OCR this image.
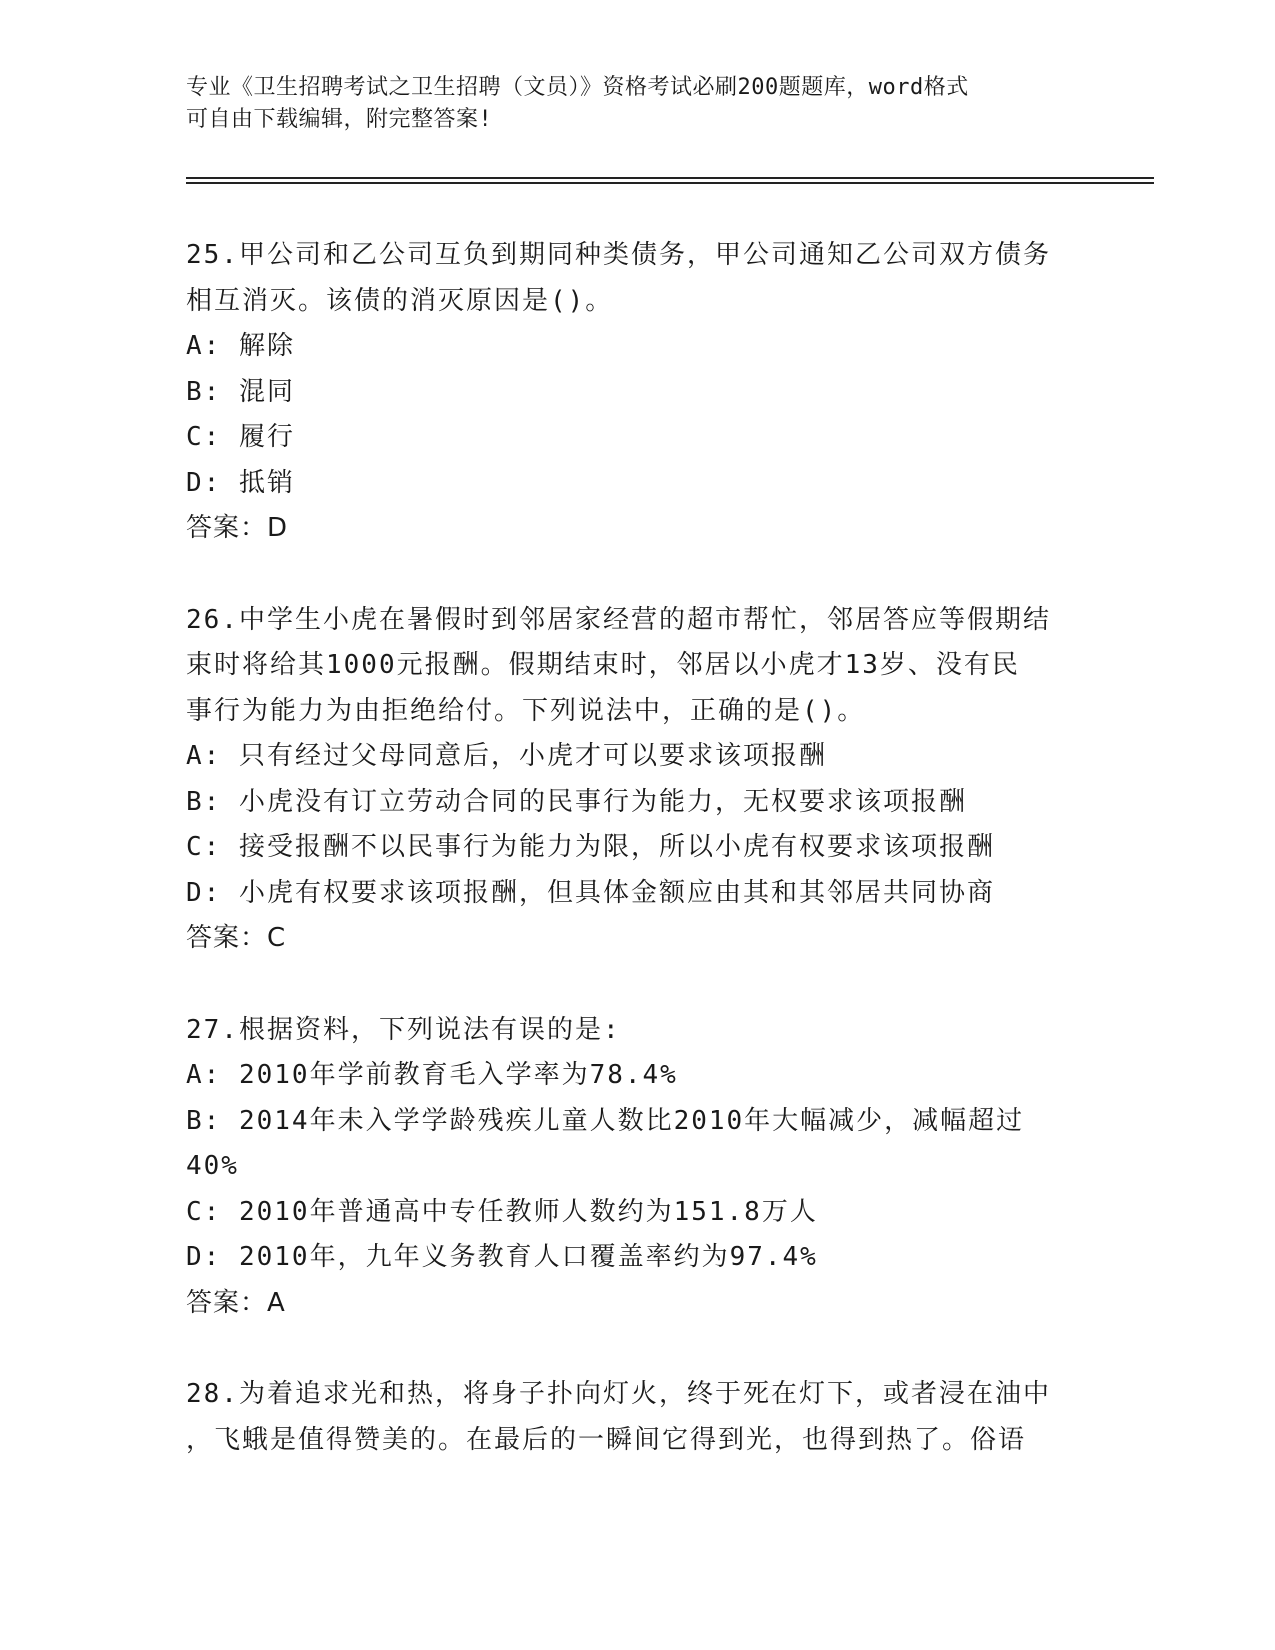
专业《卫生招聘考试之卫生招聘（文员）》资格考试必刷200题题库，word格式

可自由下载编辑，附完整答案!

25.甲公司和乙公司互负到期同种类债务，甲公司通知乙公司双方债务

相互消灭。该债的消灭原因是()。

A: 解除

B: 混同

C: 履行

D: 抵销

答案：D

26.中学生小虎在暑假时到邻居家经营的超市帮忙，邻居答应等假期结

束时将给其1000元报酬。假期结束时，邻居以小虎才13岁、没有民

事行为能力为由拒绝给付。下列说法中，正确的是()。

A: 只有经过父母同意后，小虎才可以要求该项报酬

B: 小虎没有订立劳动合同的民事行为能力，无权要求该项报酬

C: 接受报酬不以民事行为能力为限，所以小虎有权要求该项报酬

D: 小虎有权要求该项报酬，但具体金额应由其和其邻居共同协商

答案：C

27.根据资料，下列说法有误的是:

A: 2010年学前教育毛入学率为78.4%

B: 2014年未入学学龄残疾儿童人数比2010年大幅减少，减幅超过

40%

C: 2010年普通高中专任教师人数约为151.8万人

D: 2010年，九年义务教育人口覆盖率约为97.4%

答案：A

28.为着追求光和热，将身子扑向灯火，终于死在灯下，或者浸在油中

，飞蛾是值得赞美的。在最后的一瞬间它得到光，也得到热了。俗语
